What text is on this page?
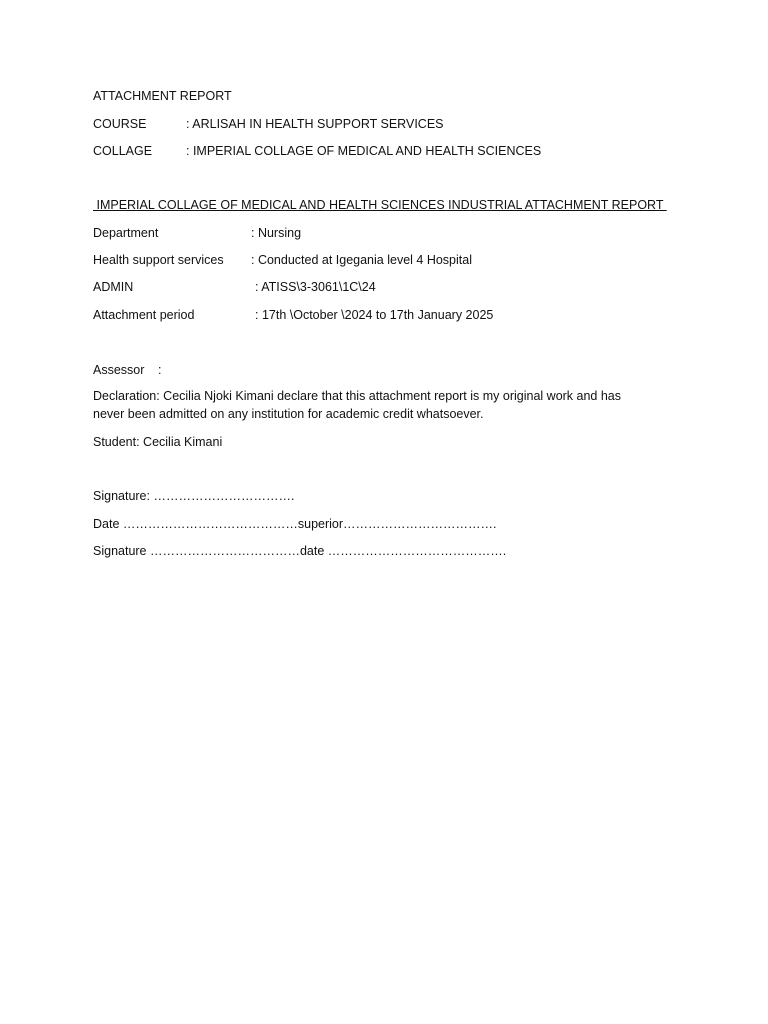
ATTACHMENT REPORT
COURSE	: ARLISAH IN HEALTH SUPPORT SERVICES
COLLAGE	: IMPERIAL COLLAGE OF MEDICAL AND HEALTH SCIENCES
IMPERIAL COLLAGE OF MEDICAL AND HEALTH SCIENCES INDUSTRIAL ATTACHMENT REPORT
Department	: Nursing
Health support services : Conducted at Igegania level 4 Hospital
ADMIN	: ATISS\3-3061\1C\24
Attachment period	: 17th \October \2024 to 17th January 2025
Assessor :
Declaration: Cecilia Njoki Kimani declare that this attachment report is my original work and has never been admitted on any institution for academic credit whatsoever.
Student: Cecilia Kimani
Signature: …………………………….
Date ……………………………………superior……………………………….
Signature ………………………………date …………………………………….
